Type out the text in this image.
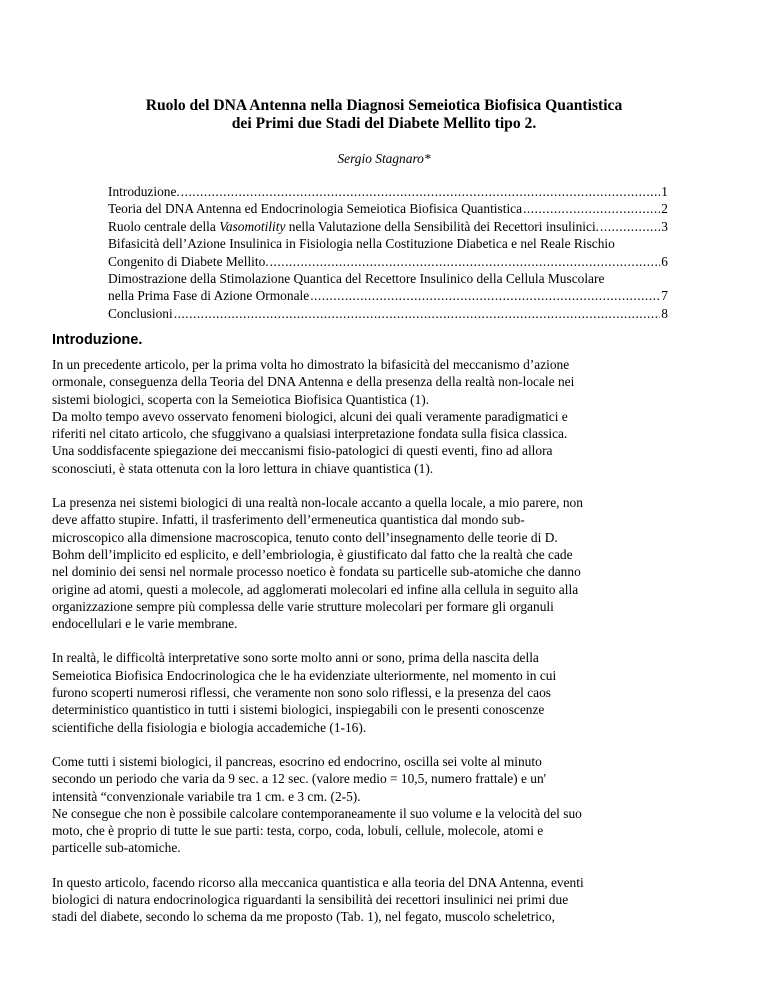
Ruolo del DNA Antenna nella Diagnosi Semeiotica Biofisica Quantistica
dei Primi due Stadi del Diabete Mellito tipo 2.
Sergio Stagnaro*
Introduzione. .....	1
Teoria del DNA Antenna ed Endocrinologia Semeiotica Biofisica Quantistica .....	2
Ruolo centrale della Vasomotility nella Valutazione della Sensibilità dei Recettori insulinici. .....	3
Bifasicità dell’Azione Insulinica in Fisiologia nella Costituzione Diabetica e nel Reale Rischio
Congenito di Diabete Mellito. .....	6
Dimostrazione della Stimolazione Quantica del Recettore Insulinico della Cellula Muscolare
nella Prima Fase di Azione Ormonale .....	7
Conclusioni .....	8
Introduzione.

In un precedente articolo, per la prima volta ho dimostrato la bifasicità del meccanismo d’azione
ormonale, conseguenza della Teoria del DNA Antenna e della presenza della realtà non-locale nei
sistemi biologici, scoperta con la Semeiotica Biofisica Quantistica (1).
Da molto tempo avevo osservato fenomeni biologici, alcuni dei quali veramente paradigmatici e
riferiti nel citato articolo, che sfuggivano a qualsiasi interpretazione fondata sulla fisica classica.
Una soddisfacente spiegazione dei meccanismi fisio-patologici di questi eventi, fino ad allora
sconosciuti, è stata ottenuta con la loro lettura in chiave quantistica (1).

La presenza nei sistemi biologici di una realtà non-locale accanto a quella locale, a mio parere, non
deve affatto stupire. Infatti, il trasferimento dell’ermeneutica quantistica dal mondo sub-
microscopico alla dimensione macroscopica, tenuto conto dell’insegnamento delle teorie di D.
Bohm dell’implicito ed esplicito, e dell’embriologia, è giustificato dal fatto che la realtà che cade
nel dominio dei sensi nel normale processo noetico è fondata su particelle sub-atomiche che danno
origine ad atomi, questi a molecole, ad agglomerati molecolari ed infine alla cellula in seguito alla
organizzazione sempre più complessa delle varie strutture molecolari per formare gli organuli
endocellulari e le varie membrane.

In realtà, le difficoltà interpretative sono sorte molto anni or sono, prima della nascita della
Semeiotica Biofisica Endocrinologica che le ha evidenziate ulteriormente, nel momento in cui
furono scoperti numerosi riflessi, che veramente non sono solo riflessi, e la presenza del caos
deterministico quantistico in tutti i sistemi biologici, inspiegabili con le presenti conoscenze
scientifiche della fisiologia e biologia accademiche (1-16).

Come tutti i sistemi biologici, il pancreas, esocrino ed endocrino, oscilla sei volte al minuto
secondo un periodo che varia da 9 sec. a 12 sec. (valore medio = 10,5, numero frattale) e un'
intensità “convenzionale variabile tra 1 cm. e 3 cm. (2-5).
Ne consegue che non è possibile calcolare contemporaneamente il suo volume e la velocità del suo
moto, che è proprio di tutte le sue parti: testa, corpo, coda, lobuli, cellule, molecole, atomi e
particelle sub-atomiche.

In questo articolo, facendo ricorso alla meccanica quantistica e alla teoria del DNA Antenna, eventi
biologici di natura endocrinologica riguardanti la sensibilità dei recettori insulinici nei primi due
stadi del diabete, secondo lo schema da me proposto (Tab. 1), nel fegato, muscolo scheletrico,
